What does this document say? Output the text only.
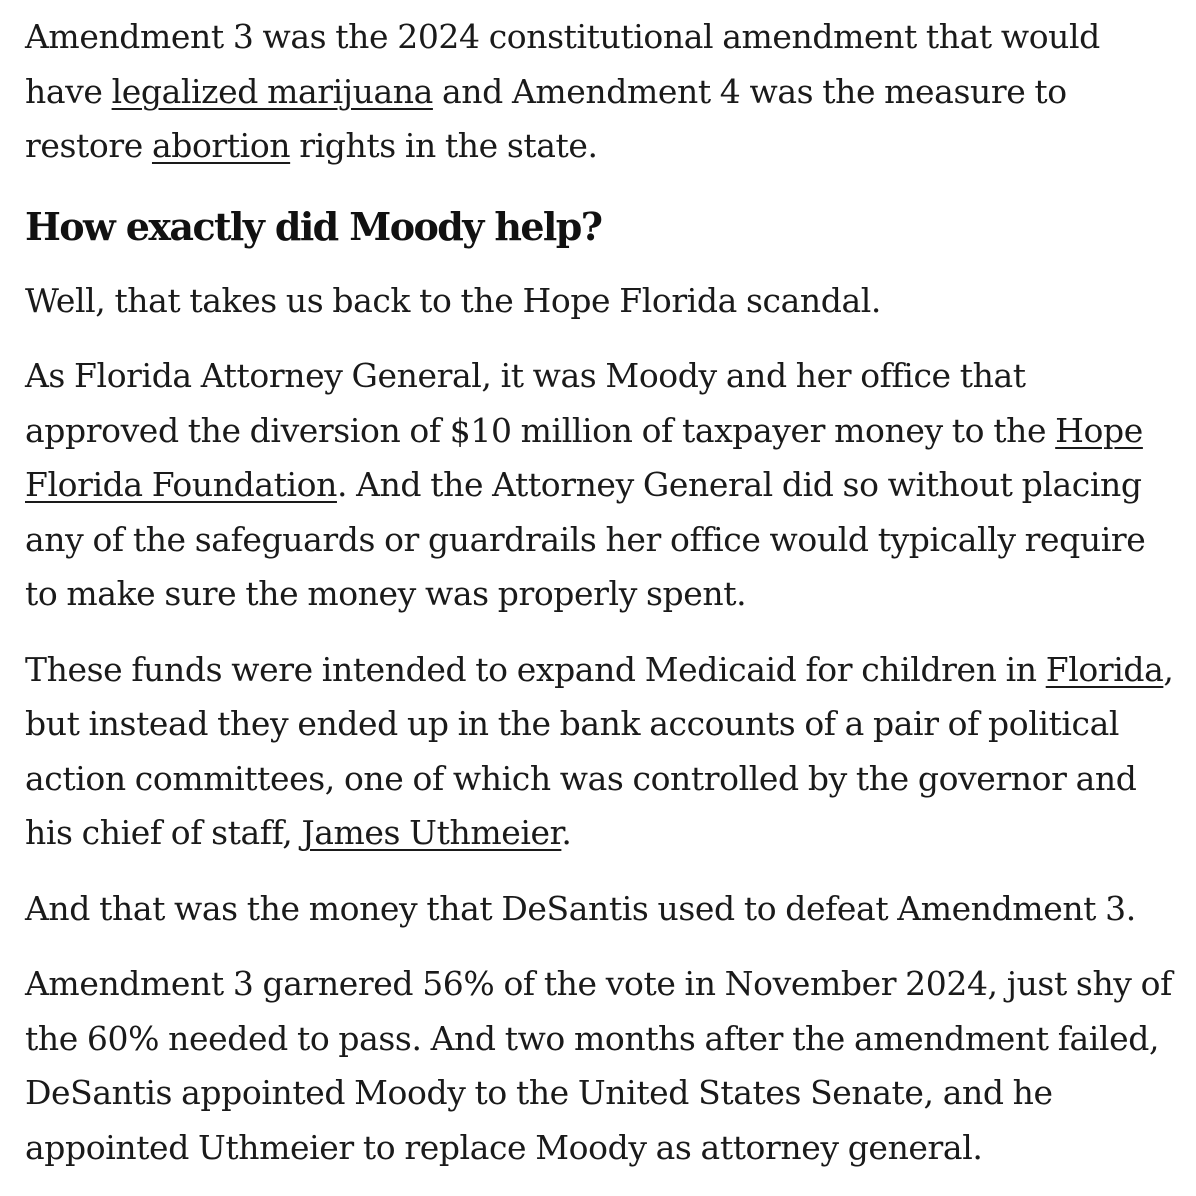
Amendment 3 was the 2024 constitutional amendment that would have legalized marijuana and Amendment 4 was the measure to restore abortion rights in the state.

How exactly did Moody help?

Well, that takes us back to the Hope Florida scandal.

As Florida Attorney General, it was Moody and her office that approved the diversion of $10 million of taxpayer money to the Hope Florida Foundation. And the Attorney General did so without placing any of the safeguards or guardrails her office would typically require to make sure the money was properly spent.

These funds were intended to expand Medicaid for children in Florida, but instead they ended up in the bank accounts of a pair of political action committees, one of which was controlled by the governor and his chief of staff, James Uthmeier.

And that was the money that DeSantis used to defeat Amendment 3.

Amendment 3 garnered 56% of the vote in November 2024, just shy of the 60% needed to pass. And two months after the amendment failed, DeSantis appointed Moody to the United States Senate, and he appointed Uthmeier to replace Moody as attorney general.
